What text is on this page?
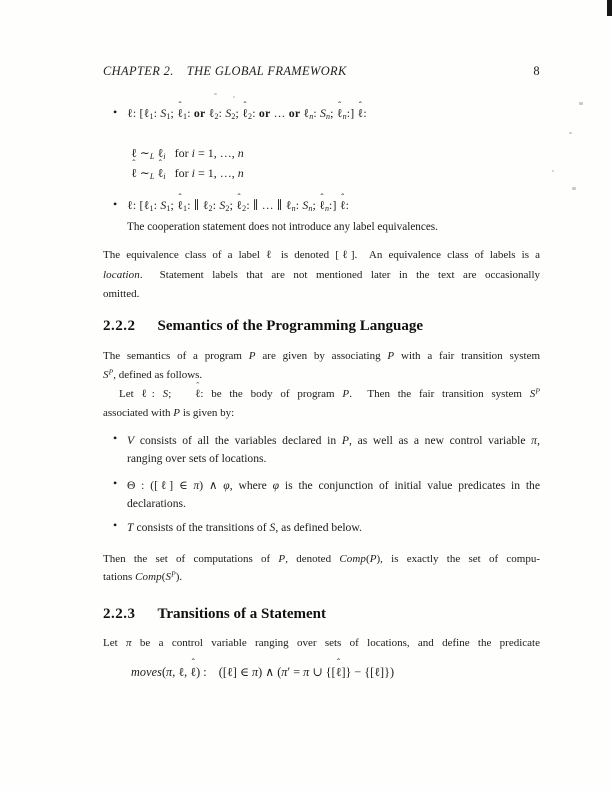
CHAPTER 2. THE GLOBAL FRAMEWORK	8
• ℓ: [ℓ$_1$: $S_1$; ℓ ˆ$_1$: or ℓ$_2$: $S_2$; ℓ ˆ$_2$: or … or ℓ$_n$: $S_n$; ℓ ˆ$_n$:] ℓ ˆ:
ℓ $\sim_L$ ℓ$_i$  for i = 1, …, n
ℓ ˆ $\sim_L$ ℓ ˆ$_i$  for i = 1, …, n
• ℓ: [ℓ$_1$: $S_1$; ℓ ˆ$_1$: ∥ ℓ$_2$: $S_2$; ℓ ˆ$_2$: ∥ … ∥ ℓ$_n$: $S_n$; ℓ ˆ$_n$:] ℓ ˆ:
The cooperation statement does not introduce any label equivalences.
The equivalence class of a label ℓ is denoted [ℓ].  An equivalence class of labels is a
location.  Statement labels that are not mentioned later in the text are occasionally
omitted.
2.2.2 Semantics of the Programming Language
The semantics of a program P are given by associating P with a fair transition system
$S^P$, defined as follows.
Let ℓ: S; ℓ ˆ: be the body of program P.  Then the fair transition system $S^P$
associated with P is given by:
• V consists of all the variables declared in P, as well as a new control variable π,
ranging over sets of locations.
• Θ : ([ℓ] ∈ π) ∧ φ, where φ is the conjunction of initial value predicates in the
declarations.
• T consists of the transitions of S, as defined below.
Then the set of computations of P, denoted Comp(P), is exactly the set of compu-
tations $Comp(S^P)$.
2.2.3 Transitions of a Statement
Let π be a control variable ranging over sets of locations, and define the predicate
moves(π, ℓ, ℓ ˆ) : ([ℓ] ∈ π) ∧ (π′ = π ∪ {[ℓ ˆ]} − {[ℓ]})
